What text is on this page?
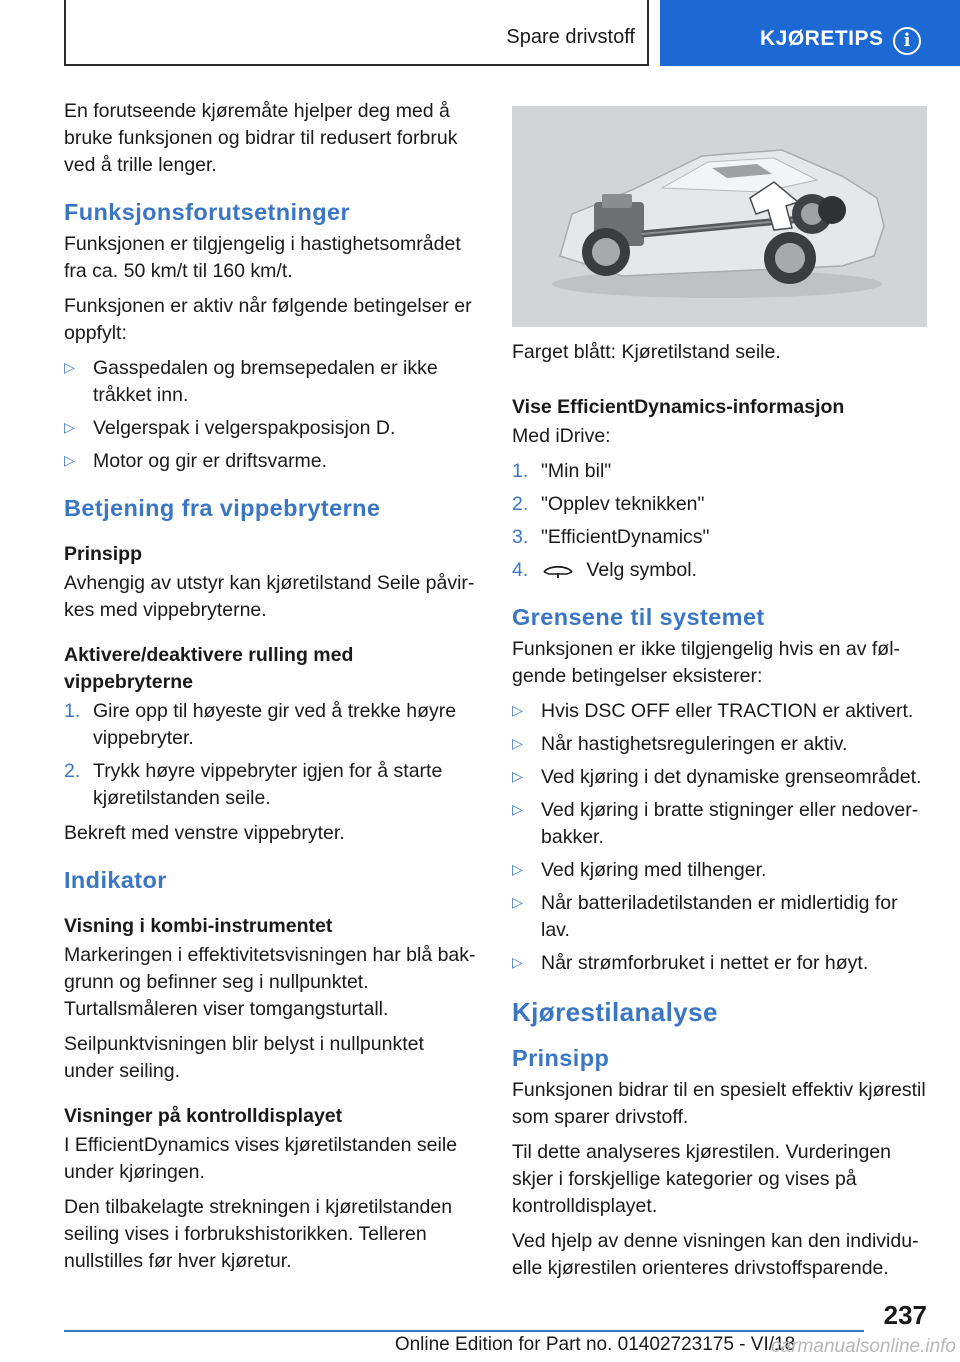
Spare drivstoff	KJØRETIPS	i

En forutseende kjøremåte hjelper deg med å bruke funksjonen og bidrar til redusert forbruk ved å trille lenger.

Funksjonsforutsetninger

Funksjonen er tilgjengelig i hastighetsområdet fra ca. 50 km/t til 160 km/t.

Funksjonen er aktiv når følgende betingelser er oppfylt:

▷ Gasspedalen og bremsepedalen er ikke tråkket inn.
▷ Velgerspak i velgerspakposisjon D.
▷ Motor og gir er driftsvarme.
Betjening fra vippebryterne
Prinsipp

Avhengig av utstyr kan kjøretilstand Seile påvirkes med vippebryterne.

Aktivere/deaktivere rulling med vippebryterne
1. Gire opp til høyeste gir ved å trekke høyre vippebryter.
2. Trykk høyre vippebryter igjen for å starte kjøretilstanden seile.

Bekreft med venstre vippebryter.

Indikator
Visning i kombi-instrumentet

Markeringen i effektivitetsvisningen har blå bakgrunn og befinner seg i nullpunktet. Turtallsmåleren viser tomgangsturtall.

Seilpunktvisningen blir belyst i nullpunktet under seiling.

Visninger på kontrolldisplayet

I EfficientDynamics vises kjøretilstanden seile under kjøringen.

Den tilbakelagte strekningen i kjøretilstanden seiling vises i forbrukshistorikken. Telleren nullstilles før hver kjøretur.

Farget blått: Kjøretilstand seile.

Vise EfficientDynamics-informasjon

Med iDrive:

1. "Min bil"
2. "Opplev teknikken"
3. "EfficientDynamics"
4.	Velg symbol.
Grensene til systemet

Funksjonen er ikke tilgjengelig hvis en av følgende betingelser eksisterer:

▷ Hvis DSC OFF eller TRACTION er aktivert.
▷ Når hastighetsreguleringen er aktiv.
▷ Ved kjøring i det dynamiske grenseområdet.
▷ Ved kjøring i bratte stigninger eller nedoverbakker.
▷ Ved kjøring med tilhenger.
▷ Når batteriladetilstanden er midlertidig for lav.
▷ Når strømforbruket i nettet er for høyt.
Kjørestilanalyse
Prinsipp

Funksjonen bidrar til en spesielt effektiv kjørestil som sparer drivstoff.

Til dette analyseres kjørestilen. Vurderingen skjer i forskjellige kategorier og vises på kontrolldisplayet.

Ved hjelp av denne visningen kan den individuelle kjørestilen orienteres drivstoffsparende.

237
Online Edition for Part no. 01402723175 - VI/18
carmanualsonline.info
